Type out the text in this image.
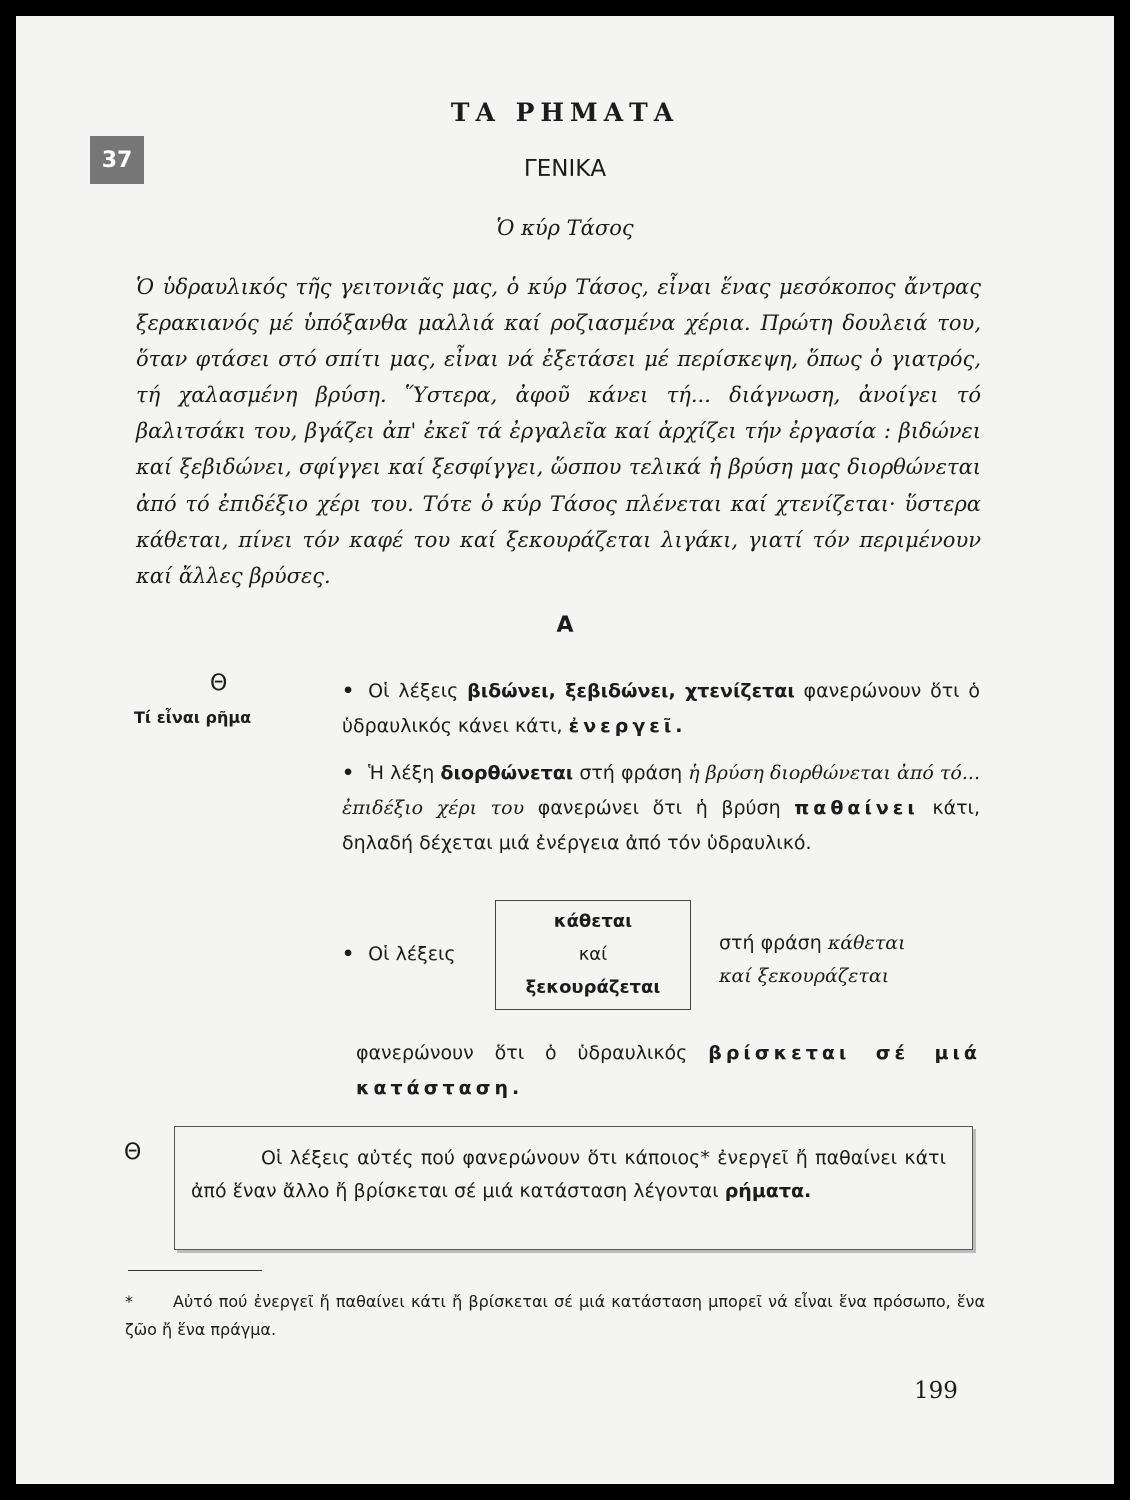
37
ΤΑ ΡΗΜΑΤΑ
ΓΕΝΙΚΑ
Ὁ κύρ Τάσος

Ὁ ὑδραυλικός τῆς γειτονιᾶς μας, ὁ κύρ Τάσος, εἶναι ἕνας μεσόκοπος ἄντρας ξερακιανός μέ ὑπόξανθα μαλλιά καί ροζιασμένα χέρια. Πρώτη δουλειά του, ὅταν φτάσει στό σπίτι μας, εἶναι νά ἐξετάσει μέ περίσκεψη, ὅπως ὁ γιατρός, τή χαλασμένη βρύση. Ὕστερα, ἀφοῦ κάνει τή... διάγνωση, ἀνοίγει τό βαλιτσάκι του, βγάζει ἀπ' ἐκεῖ τά ἐργαλεῖα καί ἀρχίζει τήν ἐργασία : βιδώνει καί ξεβιδώνει, σφίγγει καί ξεσφίγγει, ὥσπου τελικά ἡ βρύση μας διορθώνεται ἀπό τό ἐπιδέξιο χέρι του. Τότε ὁ κύρ Τάσος πλένεται καί χτενίζεται· ὕστερα κάθεται, πίνει τόν καφέ του καί ξεκουράζεται λιγάκι, γιατί τόν περιμένουν καί ἄλλες βρύσες.

Α
Θ
Τί εἶναι ρῆμα

• Οἱ λέξεις βιδώνει, ξεβιδώνει, χτενίζεται φανερώνουν ὅτι ὁ ὑδραυλικός κάνει κάτι, ἐνεργεῖ.

• Ἡ λέξη διορθώνεται στή φράση ἡ βρύση διορθώνεται ἀπό τό... ἐπιδέξιο χέρι του φανερώνει ὅτι ἡ βρύση παθαίνει κάτι, δηλαδή δέχεται μιά ἐνέργεια ἀπό τόν ὑδραυλικό.

• Οἱ λέξεις
κάθεται
καί
ξεκουράζεται
στή φράση κάθεται
καί ξεκουράζεται

φανερώνουν ὅτι ὁ ὑδραυλικός βρίσκεται σέ μιά κατάσταση.

Θ	Οἱ λέξεις αὐτές πού φανερώνουν ὅτι κάποιος* ἐνεργεῖ ἤ παθαίνει κάτι ἀπό ἕναν ἄλλο ἤ βρίσκεται σέ μιά κατάσταση λέγονται ρήματα.

*	Αὐτό πού ἐνεργεῖ ἤ παθαίνει κάτι ἤ βρίσκεται σέ μιά κατάσταση μπορεῖ νά εἶναι ἕνα πρόσωπο, ἕνα ζῶο ἤ ἕνα πράγμα.

199
